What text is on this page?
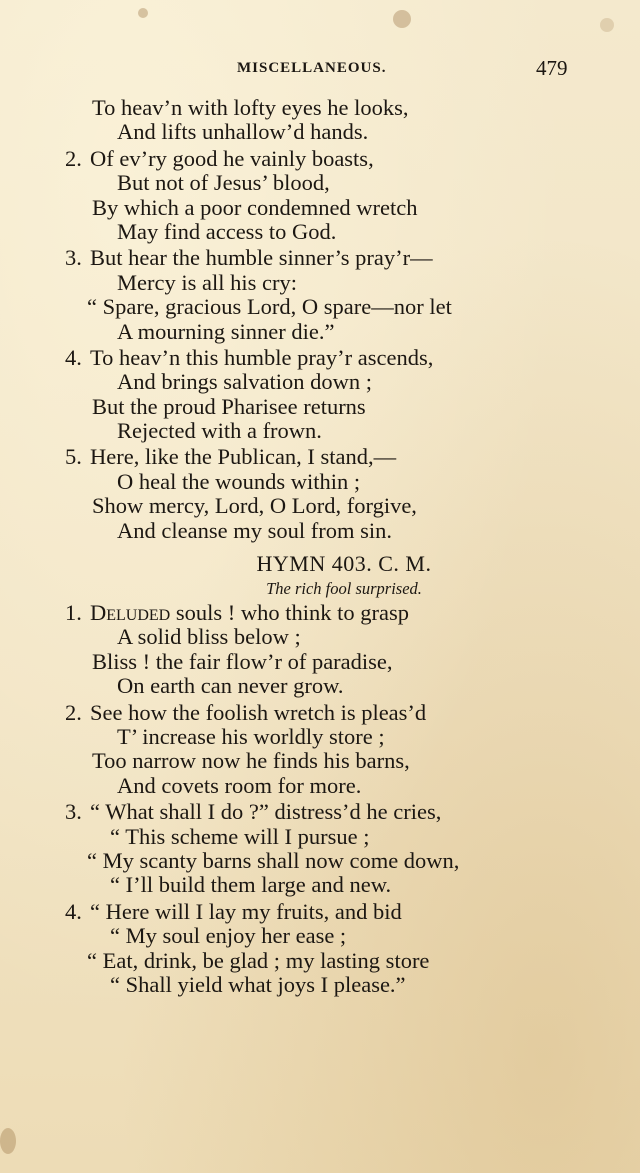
MISCELLANEOUS.	479
To heav’n with lofty eyes he looks,
And lifts unhallow’d hands.
2. Of ev’ry good he vainly boasts,
But not of Jesus’ blood,
By which a poor condemned wretch
May find access to God.
3. But hear the humble sinner’s pray’r—
Mercy is all his cry:
“ Spare, gracious Lord, O spare—nor let
A mourning sinner die.”
4. To heav’n this humble pray’r ascends,
And brings salvation down ;
But the proud Pharisee returns
Rejected with a frown.
5. Here, like the Publican, I stand,—
O heal the wounds within ;
Show mercy, Lord, O Lord, forgive,
And cleanse my soul from sin.
HYMN 403. C. M.
The rich fool surprised.
1. Deluded souls ! who think to grasp
A solid bliss below ;
Bliss ! the fair flow’r of paradise,
On earth can never grow.
2. See how the foolish wretch is pleas’d
T’ increase his worldly store ;
Too narrow now he finds his barns,
And covets room for more.
3. “ What shall I do ?” distress’d he cries,
“ This scheme will I pursue ;
“ My scanty barns shall now come down,
“ I’ll build them large and new.
4. “ Here will I lay my fruits, and bid
“ My soul enjoy her ease ;
“ Eat, drink, be glad ; my lasting store
“ Shall yield what joys I please.”
